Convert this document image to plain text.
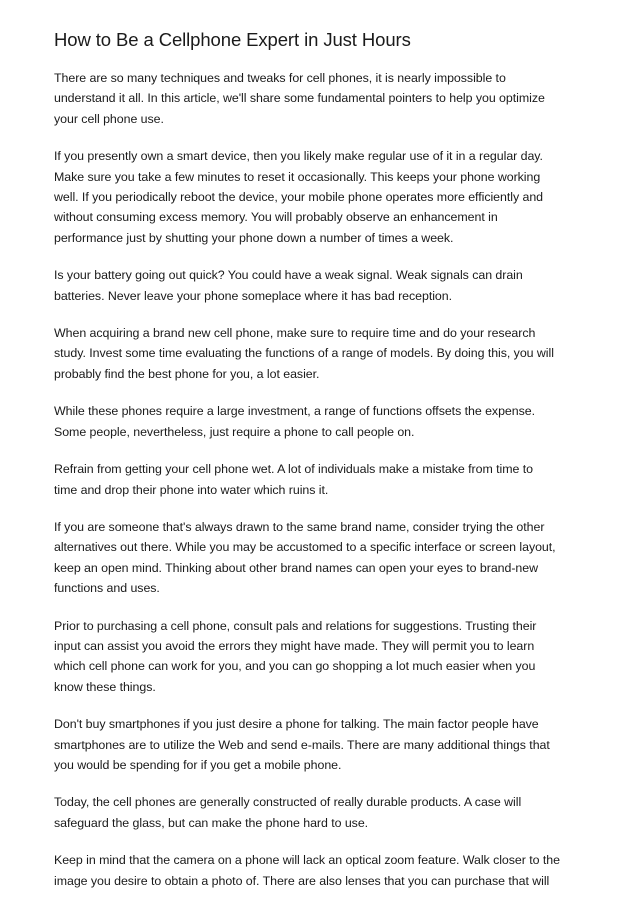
How to Be a Cellphone Expert in Just Hours

There are so many techniques and tweaks for cell phones, it is nearly impossible to
understand it all. In this article, we'll share some fundamental pointers to help you optimize
your cell phone use.

If you presently own a smart device, then you likely make regular use of it in a regular day.
Make sure you take a few minutes to reset it occasionally. This keeps your phone working
well. If you periodically reboot the device, your mobile phone operates more efficiently and
without consuming excess memory. You will probably observe an enhancement in
performance just by shutting your phone down a number of times a week.

Is your battery going out quick? You could have a weak signal. Weak signals can drain
batteries. Never leave your phone someplace where it has bad reception.

When acquiring a brand new cell phone, make sure to require time and do your research
study. Invest some time evaluating the functions of a range of models. By doing this, you will
probably find the best phone for you, a lot easier.

While these phones require a large investment, a range of functions offsets the expense.
Some people, nevertheless, just require a phone to call people on.

Refrain from getting your cell phone wet. A lot of individuals make a mistake from time to
time and drop their phone into water which ruins it.

If you are someone that's always drawn to the same brand name, consider trying the other
alternatives out there. While you may be accustomed to a specific interface or screen layout,
keep an open mind. Thinking about other brand names can open your eyes to brand-new
functions and uses.

Prior to purchasing a cell phone, consult pals and relations for suggestions. Trusting their
input can assist you avoid the errors they might have made. They will permit you to learn
which cell phone can work for you, and you can go shopping a lot much easier when you
know these things.

Don't buy smartphones if you just desire a phone for talking. The main factor people have
smartphones are to utilize the Web and send e-mails. There are many additional things that
you would be spending for if you get a mobile phone.

Today, the cell phones are generally constructed of really durable products. A case will
safeguard the glass, but can make the phone hard to use.

Keep in mind that the camera on a phone will lack an optical zoom feature. Walk closer to the
image you desire to obtain a photo of. There are also lenses that you can purchase that will
